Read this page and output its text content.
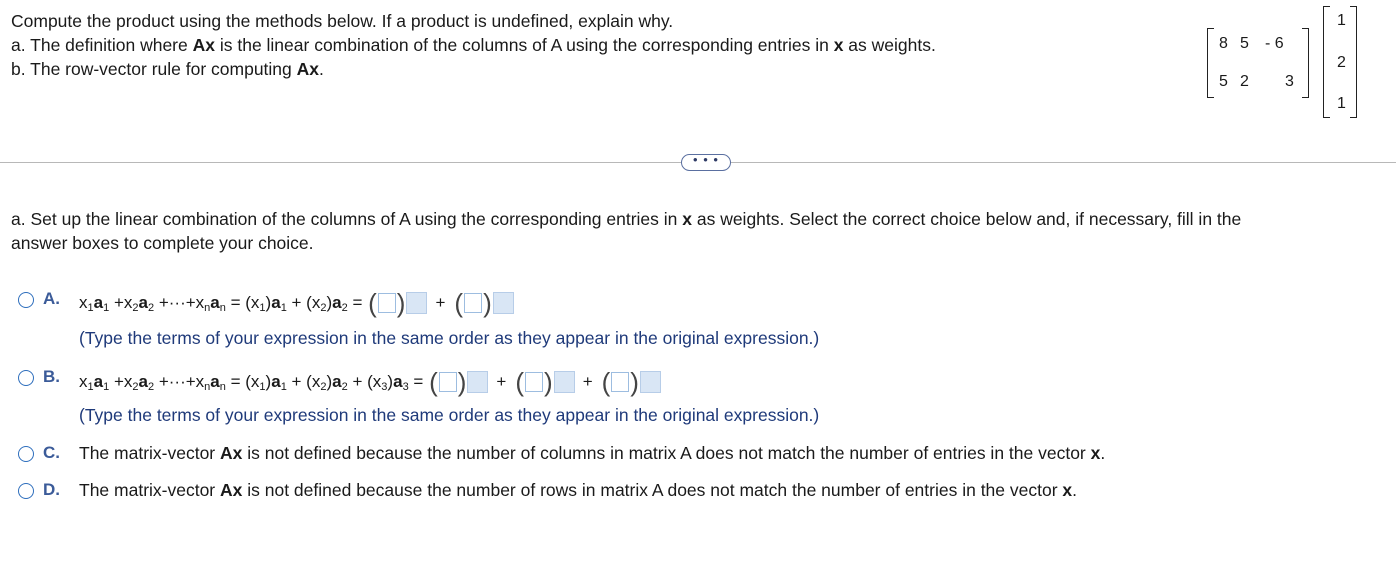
Compute the product using the methods below. If a product is undefined, explain why.
a. The definition where Ax is the linear combination of the columns of A using the corresponding entries in x as weights.
b. The row-vector rule for computing Ax.
8 5 - 6
5 2 3
1
2
1
• • •
a. Set up the linear combination of the columns of A using the corresponding entries in x as weights. Select the correct choice below and, if necessary, fill in the
answer boxes to complete your choice.
A. $x_1a_1 +x_2a_2 +\cdot\cdot\cdot+x_na_n = (x_1)a_1 + (x_2)a_2$ = ( ) + ( )
(Type the terms of your expression in the same order as they appear in the original expression.)
B. $x_1a_1 +x_2a_2 +\cdot\cdot\cdot+x_na_n = (x_1)a_1 + (x_2)a_2 + (x_3)a_3$ = ( ) + ( ) + ( )
(Type the terms of your expression in the same order as they appear in the original expression.)
C. The matrix-vector Ax is not defined because the number of columns in matrix A does not match the number of entries in the vector x.
D. The matrix-vector Ax is not defined because the number of rows in matrix A does not match the number of entries in the vector x.
